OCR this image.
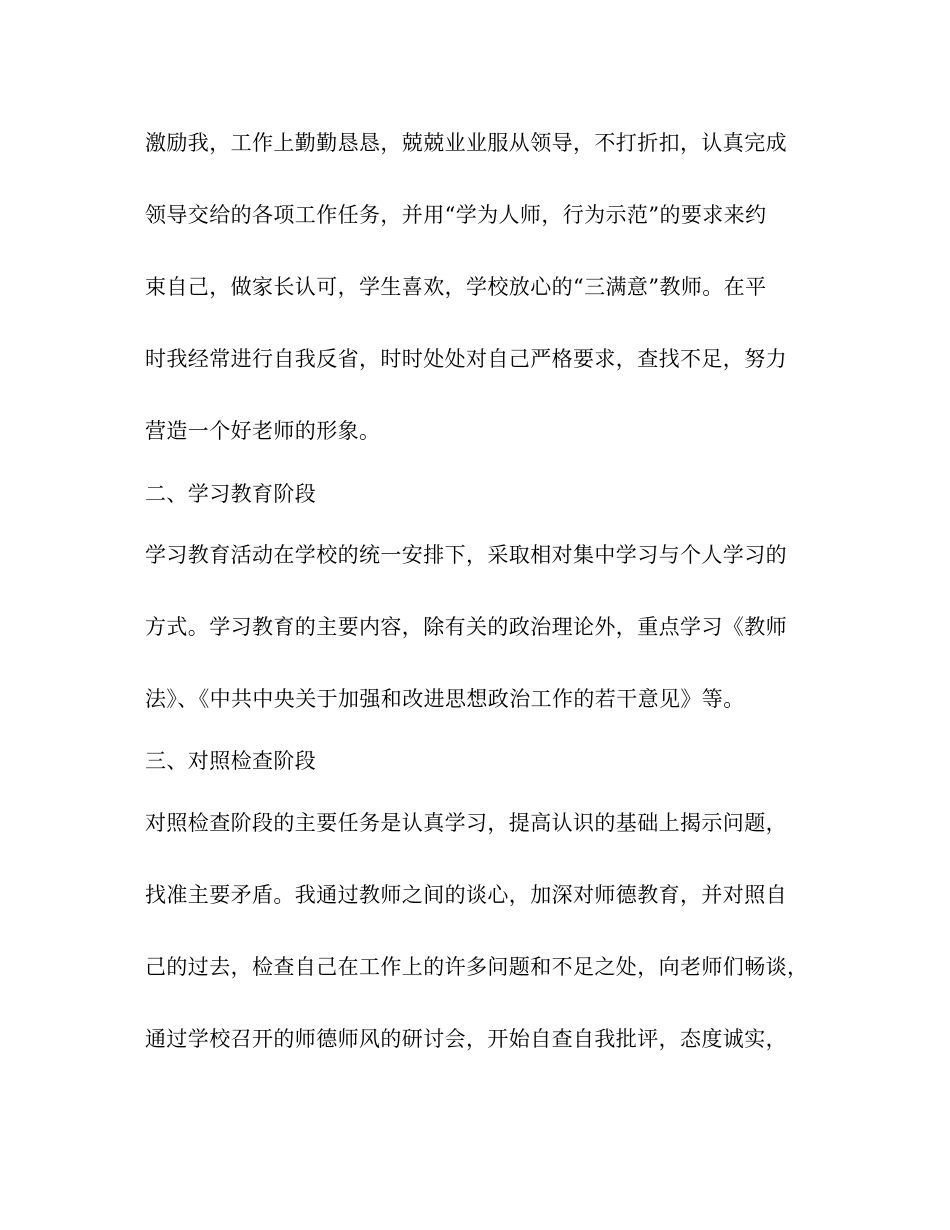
激励我，工作上勤勤恳恳，兢兢业业服从领导，不打折扣，认真完成
领导交给的各项工作任务，并用“学为人师，行为示范”的要求来约
束自己，做家长认可，学生喜欢，学校放心的“三满意”教师。在平
时我经常进行自我反省，时时处处对自己严格要求，查找不足，努力
营造一个好老师的形象。
二、学习教育阶段
学习教育活动在学校的统一安排下，采取相对集中学习与个人学习的
方式。学习教育的主要内容，除有关的政治理论外，重点学习《教师
法》、《中共中央关于加强和改进思想政治工作的若干意见》等。
三、对照检查阶段
对照检查阶段的主要任务是认真学习，提高认识的基础上揭示问题，
找准主要矛盾。我通过教师之间的谈心，加深对师德教育，并对照自
己的过去，检查自己在工作上的许多问题和不足之处，向老师们畅谈，
通过学校召开的师德师风的研讨会，开始自查自我批评，态度诚实，
